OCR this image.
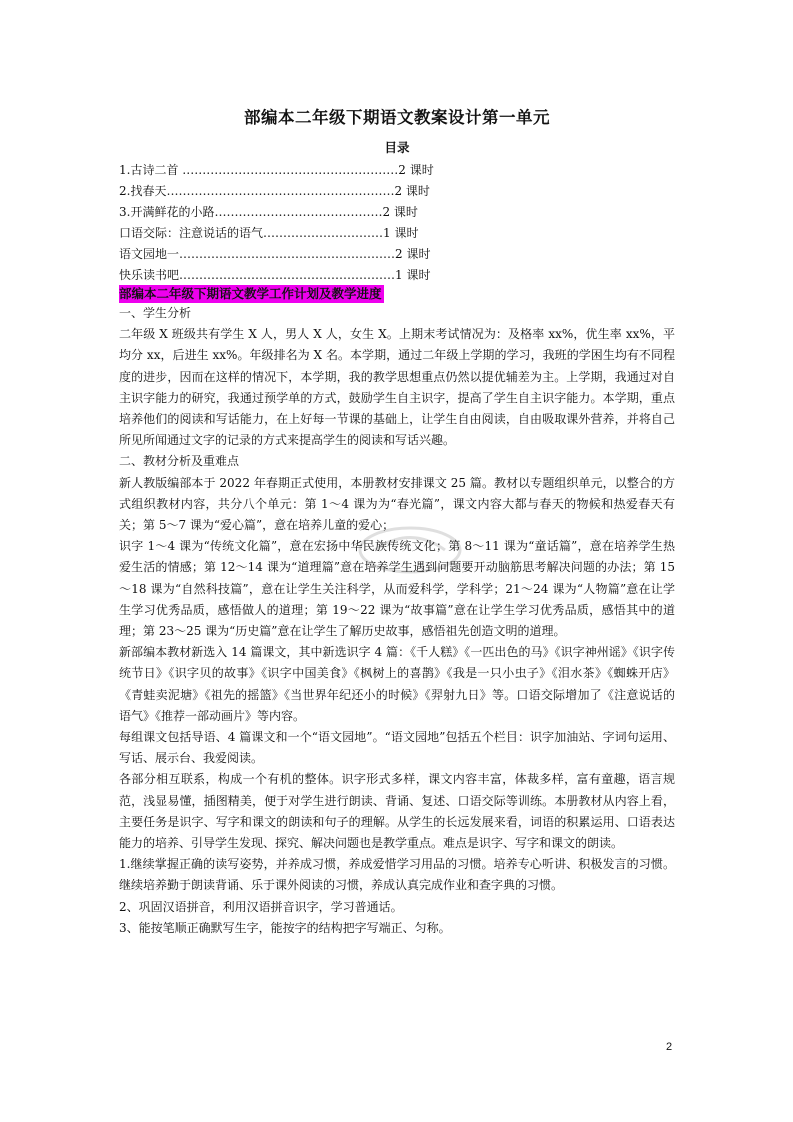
部编本二年级下期语文教案设计第一单元
目录
1.古诗二首 ………………………………………………2 课时
2.找春天…………………………………………………2 课时
3.开满鲜花的小路……………………………………2 课时
口语交际：注意说话的语气…………………………1 课时
语文园地一………………………………………………2 课时
快乐读书吧………………………………………………1 课时
部编本二年级下期语文教学工作计划及教学进度

一、学生分析

二年级 X 班级共有学生 X 人，男人 X 人，女生 X。上期末考试情况为：及格率 xx%，优生率 xx%，平均分 xx，后进生 xx%。年级排名为 X 名。本学期，通过二年级上学期的学习，我班的学困生均有不同程度的进步，因而在这样的情况下，本学期，我的教学思想重点仍然以提优辅差为主。上学期，我通过对自主识字能力的研究，我通过预学单的方式，鼓励学生自主识字，提高了学生自主识字能力。本学期，重点培养他们的阅读和写话能力，在上好每一节课的基础上，让学生自由阅读，自由吸取课外营养，并将自己所见所闻通过文字的记录的方式来提高学生的阅读和写话兴趣。

二、教材分析及重难点

新人教版编部本于 2022 年春期正式使用，本册教材安排课文 25 篇。教材以专题组织单元，以整合的方式组织教材内容，共分八个单元：第 1～4 课为为“春光篇”，课文内容大都与春天的物候和热爱春天有关；第 5～7 课为“爱心篇”，意在培养儿童的爱心；

识字 1～4 课为“传统文化篇”，意在宏扬中华民族传统文化；第 8～11 课为“童话篇”，意在培养学生热爱生活的情感；第 12～14 课为“道理篇”意在培养学生遇到问题要开动脑筋思考解决问题的办法；第 15～18 课为“自然科技篇”，意在让学生关注科学，从而爱科学，学科学；21～24 课为“人物篇”意在让学生学习优秀品质，感悟做人的道理；第 19～22 课为“故事篇”意在让学生学习优秀品质，感悟其中的道理；第 23～25 课为“历史篇”意在让学生了解历史故事，感悟祖先创造文明的道理。

新部编本教材新选入 14 篇课文，其中新选识字 4 篇：《千人糕》《一匹出色的马》《识字神州谣》《识字传统节日》《识字贝的故事》《识字中国美食》《枫树上的喜鹊》《我是一只小虫子》《泪水茶》《蜘蛛开店》《青蛙卖泥塘》《祖先的摇篮》《当世界年纪还小的时候》《羿射九日》等。口语交际增加了《注意说话的语气》《推荐一部动画片》等内容。

每组课文包括导语、4 篇课文和一个“语文园地”。“语文园地”包括五个栏目：识字加油站、字词句运用、写话、展示台、我爱阅读。

各部分相互联系，构成一个有机的整体。识字形式多样，课文内容丰富，体裁多样，富有童趣，语言规范，浅显易懂，插图精美，便于对学生进行朗读、背诵、复述、口语交际等训练。本册教材从内容上看，主要任务是识字、写字和课文的朗读和句子的理解。从学生的长远发展来看，词语的积累运用、口语表达能力的培养、引导学生发现、探究、解决问题也是教学重点。难点是识字、写字和课文的朗读。

1.继续掌握正确的读写姿势，并养成习惯，养成爱惜学习用品的习惯。培养专心听讲、积极发言的习惯。继续培养勤于朗读背诵、乐于课外阅读的习惯，养成认真完成作业和查字典的习惯。

2、巩固汉语拼音，利用汉语拼音识字，学习普通话。

3、能按笔顺正确默写生字，能按字的结构把字写端正、匀称。

2
